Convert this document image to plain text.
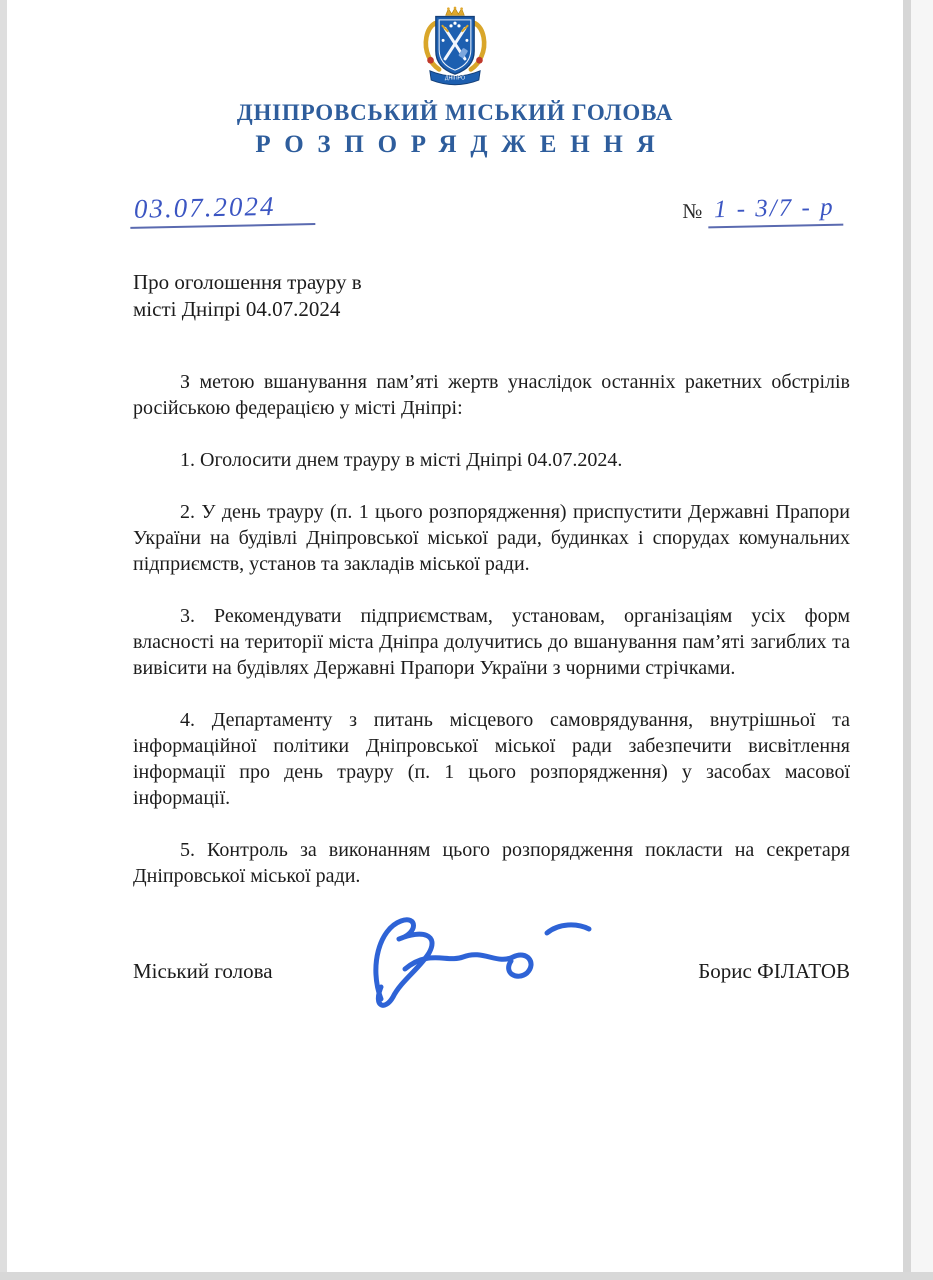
ДНІПРО
ДНІПРОВСЬКИЙ МІСЬКИЙ ГОЛОВА
РОЗПОРЯДЖЕННЯ
03.07.2024	№ 1 - 3/7 - р
Про оголошення трауру в
місті Дніпрі 04.07.2024

З метою вшанування пам’яті жертв унаслідок останніх ракетних обстрілів російською федерацією у місті Дніпрі:

1. Оголосити днем трауру в місті Дніпрі 04.07.2024.

2. У день трауру (п. 1 цього розпорядження) приспустити Державні Прапори України на будівлі Дніпровської міської ради, будинках і спорудах комунальних підприємств, установ та закладів міської ради.

3. Рекомендувати підприємствам, установам, організаціям усіх форм власності на території міста Дніпра долучитись до вшанування пам’яті загиблих та вивісити на будівлях Державні Прапори України з чорними стрічками.

4. Департаменту з питань місцевого самоврядування, внутрішньої та інформаційної політики Дніпровської міської ради забезпечити висвітлення інформації про день трауру (п. 1 цього розпорядження) у засобах масової інформації.

5. Контроль за виконанням цього розпорядження покласти на секретаря Дніпровської міської ради.

Міський голова	Борис ФІЛАТОВ
